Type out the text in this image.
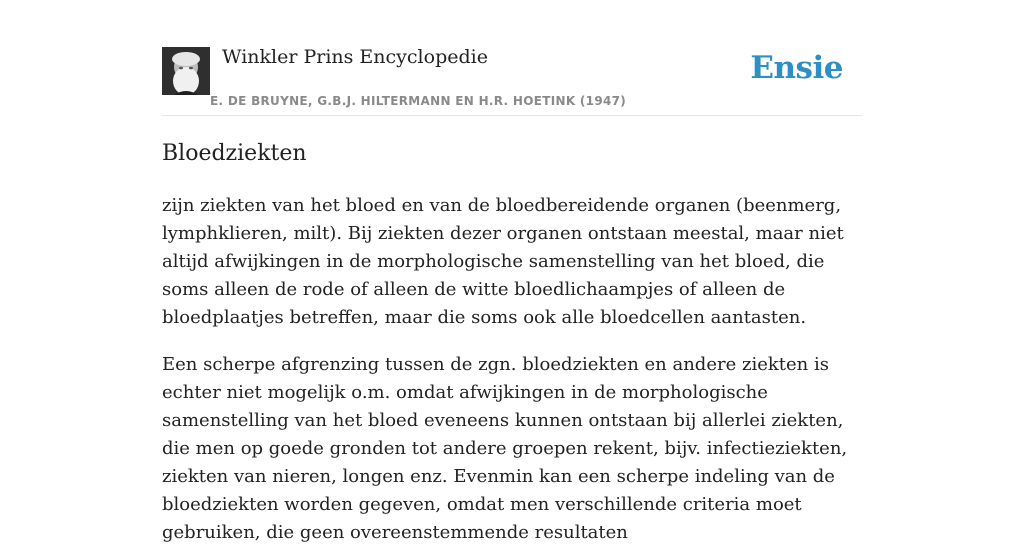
Winkler Prins Encyclopedie
E. DE BRUYNE, G.B.J. HILTERMANN EN H.R. HOETINK (1947)
Ensie
Bloedziekten

zijn ziekten van het bloed en van de bloedbereidende organen (beenmerg, lymphklieren, milt). Bij ziekten dezer organen ontstaan meestal, maar niet altijd afwijkingen in de morphologische samenstelling van het bloed, die soms alleen de rode of alleen de witte bloedlichaampjes of alleen de bloedplaatjes betreffen, maar die soms ook alle bloedcellen aantasten.

Een scherpe afgrenzing tussen de zgn. bloedziekten en andere ziekten is echter niet mogelijk o.m. omdat afwijkingen in de morphologische samenstelling van het bloed eveneens kunnen ontstaan bij allerlei ziekten, die men op goede gronden tot andere groepen rekent, bijv. infectieziekten, ziekten van nieren, longen enz. Evenmin kan een scherpe indeling van de bloedziekten worden gegeven, omdat men verschillende criteria moet gebruiken, die geen overeenstemmende resultaten
